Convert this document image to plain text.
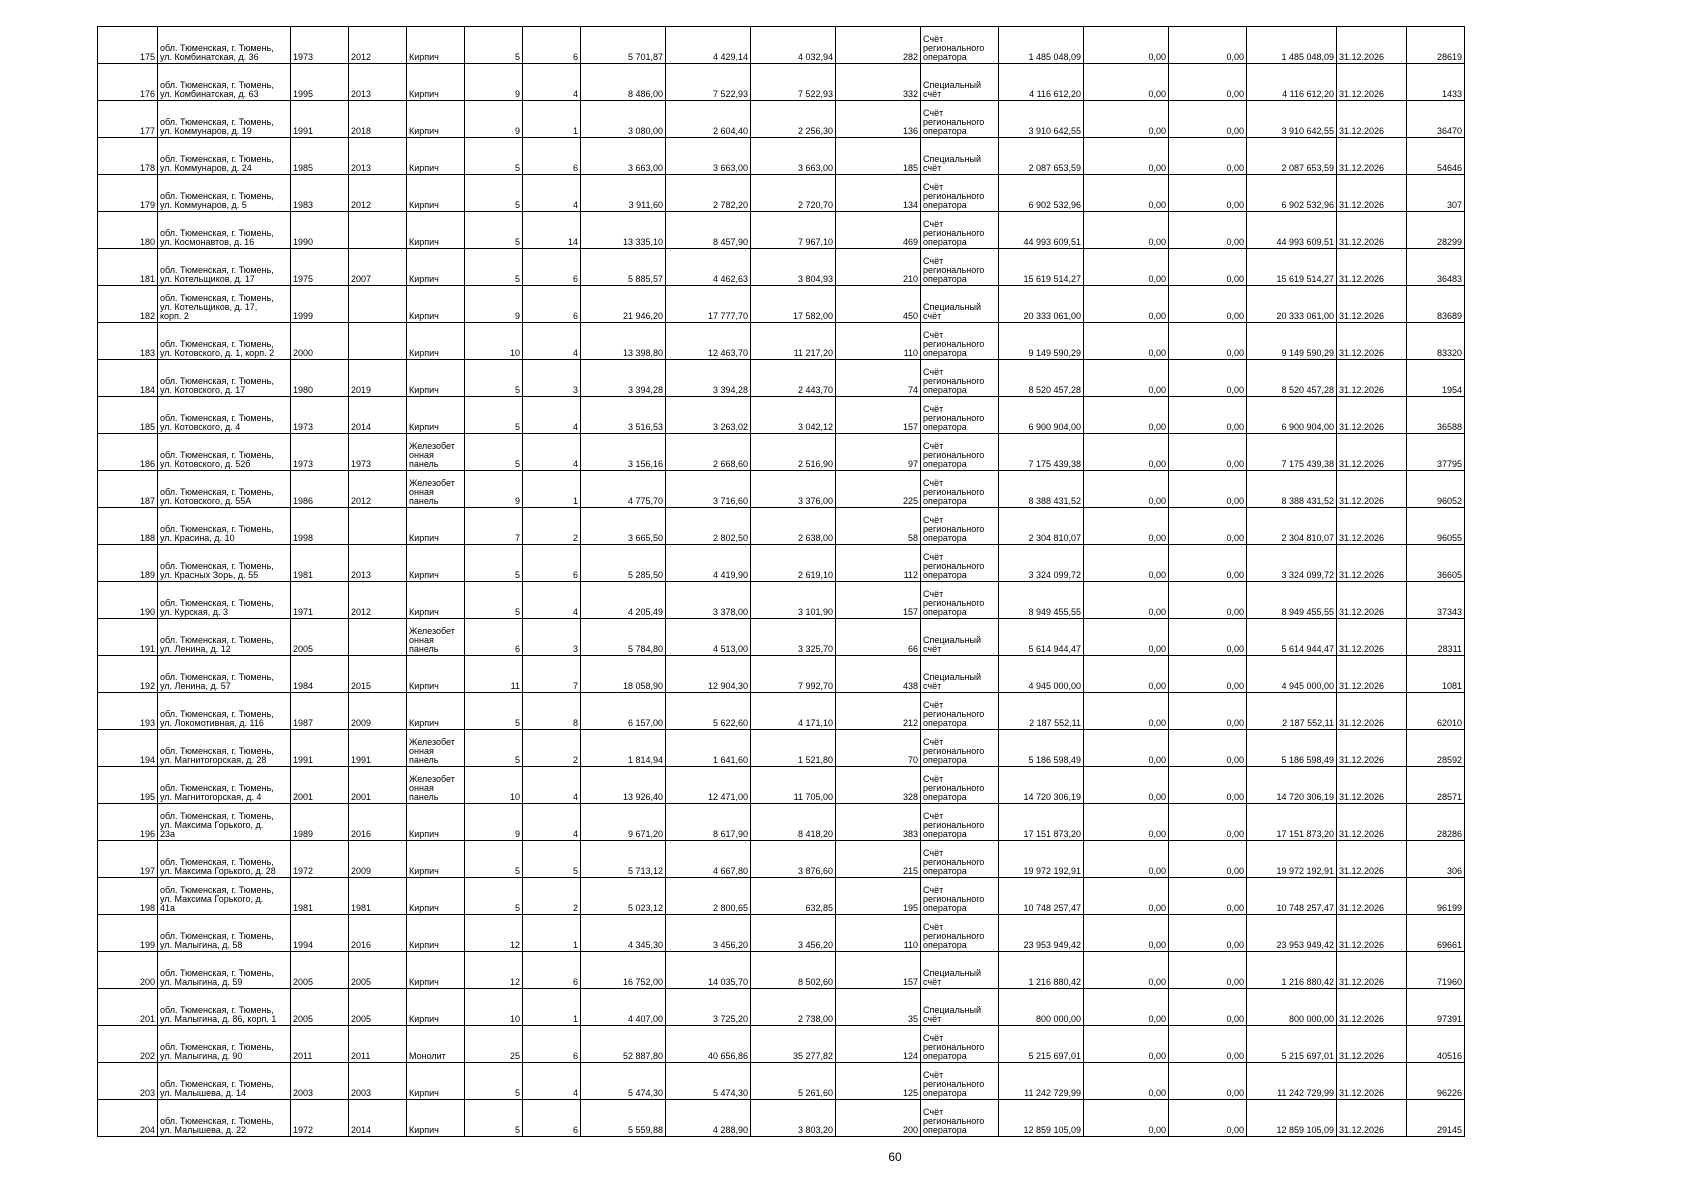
175	обл. Тюменская, г. Тюмень,
ул. Комбинатская, д. 36	1973	2012	Кирпич	5	6	5 701,87	4 429,14	4 032,94	282	Счёт
регионального
оператора	1 485 048,09	0,00	0,00	1 485 048,09	31.12.2026	28619
176	обл. Тюменская, г. Тюмень,
ул. Комбинатская, д. 63	1995	2013	Кирпич	9	4	8 486,00	7 522,93	7 522,93	332	Специальный
счёт	4 116 612,20	0,00	0,00	4 116 612,20	31.12.2026	1433
177	обл. Тюменская, г. Тюмень,
ул. Коммунаров, д. 19	1991	2018	Кирпич	9	1	3 080,00	2 604,40	2 256,30	136	Счёт
регионального
оператора	3 910 642,55	0,00	0,00	3 910 642,55	31.12.2026	36470
178	обл. Тюменская, г. Тюмень,
ул. Коммунаров, д. 24	1985	2013	Кирпич	5	6	3 663,00	3 663,00	3 663,00	185	Специальный
счёт	2 087 653,59	0,00	0,00	2 087 653,59	31.12.2026	54646
179	обл. Тюменская, г. Тюмень,
ул. Коммунаров, д. 5	1983	2012	Кирпич	5	4	3 911,60	2 782,20	2 720,70	134	Счёт
регионального
оператора	6 902 532,96	0,00	0,00	6 902 532,96	31.12.2026	307
180	обл. Тюменская, г. Тюмень,
ул. Космонавтов, д. 16	1990		Кирпич	5	14	13 335,10	8 457,90	7 967,10	469	Счёт
регионального
оператора	44 993 609,51	0,00	0,00	44 993 609,51	31.12.2026	28299
181	обл. Тюменская, г. Тюмень,
ул. Котельщиков, д. 17	1975	2007	Кирпич	5	6	5 885,57	4 462,63	3 804,93	210	Счёт
регионального
оператора	15 619 514,27	0,00	0,00	15 619 514,27	31.12.2026	36483
182	обл. Тюменская, г. Тюмень,
ул. Котельщиков, д. 17,
корп. 2	1999		Кирпич	9	6	21 946,20	17 777,70	17 582,00	450	Специальный
счёт	20 333 061,00	0,00	0,00	20 333 061,00	31.12.2026	83689
183	обл. Тюменская, г. Тюмень,
ул. Котовского, д. 1, корп. 2	2000		Кирпич	10	4	13 398,80	12 463,70	11 217,20	110	Счёт
регионального
оператора	9 149 590,29	0,00	0,00	9 149 590,29	31.12.2026	83320
184	обл. Тюменская, г. Тюмень,
ул. Котовского, д. 17	1980	2019	Кирпич	5	3	3 394,28	3 394,28	2 443,70	74	Счёт
регионального
оператора	8 520 457,28	0,00	0,00	8 520 457,28	31.12.2026	1954
185	обл. Тюменская, г. Тюмень,
ул. Котовского, д. 4	1973	2014	Кирпич	5	4	3 516,53	3 263,02	3 042,12	157	Счёт
регионального
оператора	6 900 904,00	0,00	0,00	6 900 904,00	31.12.2026	36588
186	обл. Тюменская, г. Тюмень,
ул. Котовского, д. 52б	1973	1973	Железобет
онная
панель	5	4	3 156,16	2 668,60	2 516,90	97	Счёт
регионального
оператора	7 175 439,38	0,00	0,00	7 175 439,38	31.12.2026	37795
187	обл. Тюменская, г. Тюмень,
ул. Котовского, д. 55А	1986	2012	Железобет
онная
панель	9	1	4 775,70	3 716,60	3 376,00	225	Счёт
регионального
оператора	8 388 431,52	0,00	0,00	8 388 431,52	31.12.2026	96052
188	обл. Тюменская, г. Тюмень,
ул. Красина, д. 10	1998		Кирпич	7	2	3 665,50	2 802,50	2 638,00	58	Счёт
регионального
оператора	2 304 810,07	0,00	0,00	2 304 810,07	31.12.2026	96055
189	обл. Тюменская, г. Тюмень,
ул. Красных Зорь, д. 55	1981	2013	Кирпич	5	6	5 285,50	4 419,90	2 619,10	112	Счёт
регионального
оператора	3 324 099,72	0,00	0,00	3 324 099,72	31.12.2026	36605
190	обл. Тюменская, г. Тюмень,
ул. Курская, д. 3	1971	2012	Кирпич	5	4	4 205,49	3 378,00	3 101,90	157	Счёт
регионального
оператора	8 949 455,55	0,00	0,00	8 949 455,55	31.12.2026	37343
191	обл. Тюменская, г. Тюмень,
ул. Ленина, д. 12	2005		Железобет
онная
панель	6	3	5 784,80	4 513,00	3 325,70	66	Специальный
счёт	5 614 944,47	0,00	0,00	5 614 944,47	31.12.2026	28311
192	обл. Тюменская, г. Тюмень,
ул. Ленина, д. 57	1984	2015	Кирпич	11	7	18 058,90	12 904,30	7 992,70	438	Специальный
счёт	4 945 000,00	0,00	0,00	4 945 000,00	31.12.2026	1081
193	обл. Тюменская, г. Тюмень,
ул. Локомотивная, д. 116	1987	2009	Кирпич	5	8	6 157,00	5 622,60	4 171,10	212	Счёт
регионального
оператора	2 187 552,11	0,00	0,00	2 187 552,11	31.12.2026	62010
194	обл. Тюменская, г. Тюмень,
ул. Магнитогорская, д. 28	1991	1991	Железобет
онная
панель	5	2	1 814,94	1 641,60	1 521,80	70	Счёт
регионального
оператора	5 186 598,49	0,00	0,00	5 186 598,49	31.12.2026	28592
195	обл. Тюменская, г. Тюмень,
ул. Магнитогорская, д. 4	2001	2001	Железобет
онная
панель	10	4	13 926,40	12 471,00	11 705,00	328	Счёт
регионального
оператора	14 720 306,19	0,00	0,00	14 720 306,19	31.12.2026	28571
196	обл. Тюменская, г. Тюмень,
ул. Максима Горького, д.
23а	1989	2016	Кирпич	9	4	9 671,20	8 617,90	8 418,20	383	Счёт
регионального
оператора	17 151 873,20	0,00	0,00	17 151 873,20	31.12.2026	28286
197	обл. Тюменская, г. Тюмень,
ул. Максима Горького, д. 28	1972	2009	Кирпич	5	5	5 713,12	4 667,80	3 876,60	215	Счёт
регионального
оператора	19 972 192,91	0,00	0,00	19 972 192,91	31.12.2026	306
198	обл. Тюменская, г. Тюмень,
ул. Максима Горького, д.
41а	1981	1981	Кирпич	5	2	5 023,12	2 800,65	632,85	195	Счёт
регионального
оператора	10 748 257,47	0,00	0,00	10 748 257,47	31.12.2026	96199
199	обл. Тюменская, г. Тюмень,
ул. Малыгина, д. 58	1994	2016	Кирпич	12	1	4 345,30	3 456,20	3 456,20	110	Счёт
регионального
оператора	23 953 949,42	0,00	0,00	23 953 949,42	31.12.2026	69661
200	обл. Тюменская, г. Тюмень,
ул. Малыгина, д. 59	2005	2005	Кирпич	12	6	16 752,00	14 035,70	8 502,60	157	Специальный
счёт	1 216 880,42	0,00	0,00	1 216 880,42	31.12.2026	71960
201	обл. Тюменская, г. Тюмень,
ул. Малыгина, д. 86, корп. 1	2005	2005	Кирпич	10	1	4 407,00	3 725,20	2 738,00	35	Специальный
счёт	800 000,00	0,00	0,00	800 000,00	31.12.2026	97391
202	обл. Тюменская, г. Тюмень,
ул. Малыгина, д. 90	2011	2011	Монолит	25	6	52 887,80	40 656,86	35 277,82	124	Счёт
регионального
оператора	5 215 697,01	0,00	0,00	5 215 697,01	31.12.2026	40516
203	обл. Тюменская, г. Тюмень,
ул. Малышева, д. 14	2003	2003	Кирпич	5	4	5 474,30	5 474,30	5 261,60	125	Счёт
регионального
оператора	11 242 729,99	0,00	0,00	11 242 729,99	31.12.2026	96226
204	обл. Тюменская, г. Тюмень,
ул. Малышева, д. 22	1972	2014	Кирпич	5	6	5 559,88	4 288,90	3 803,20	200	Счёт
регионального
оператора	12 859 105,09	0,00	0,00	12 859 105,09	31.12.2026	29145
60
